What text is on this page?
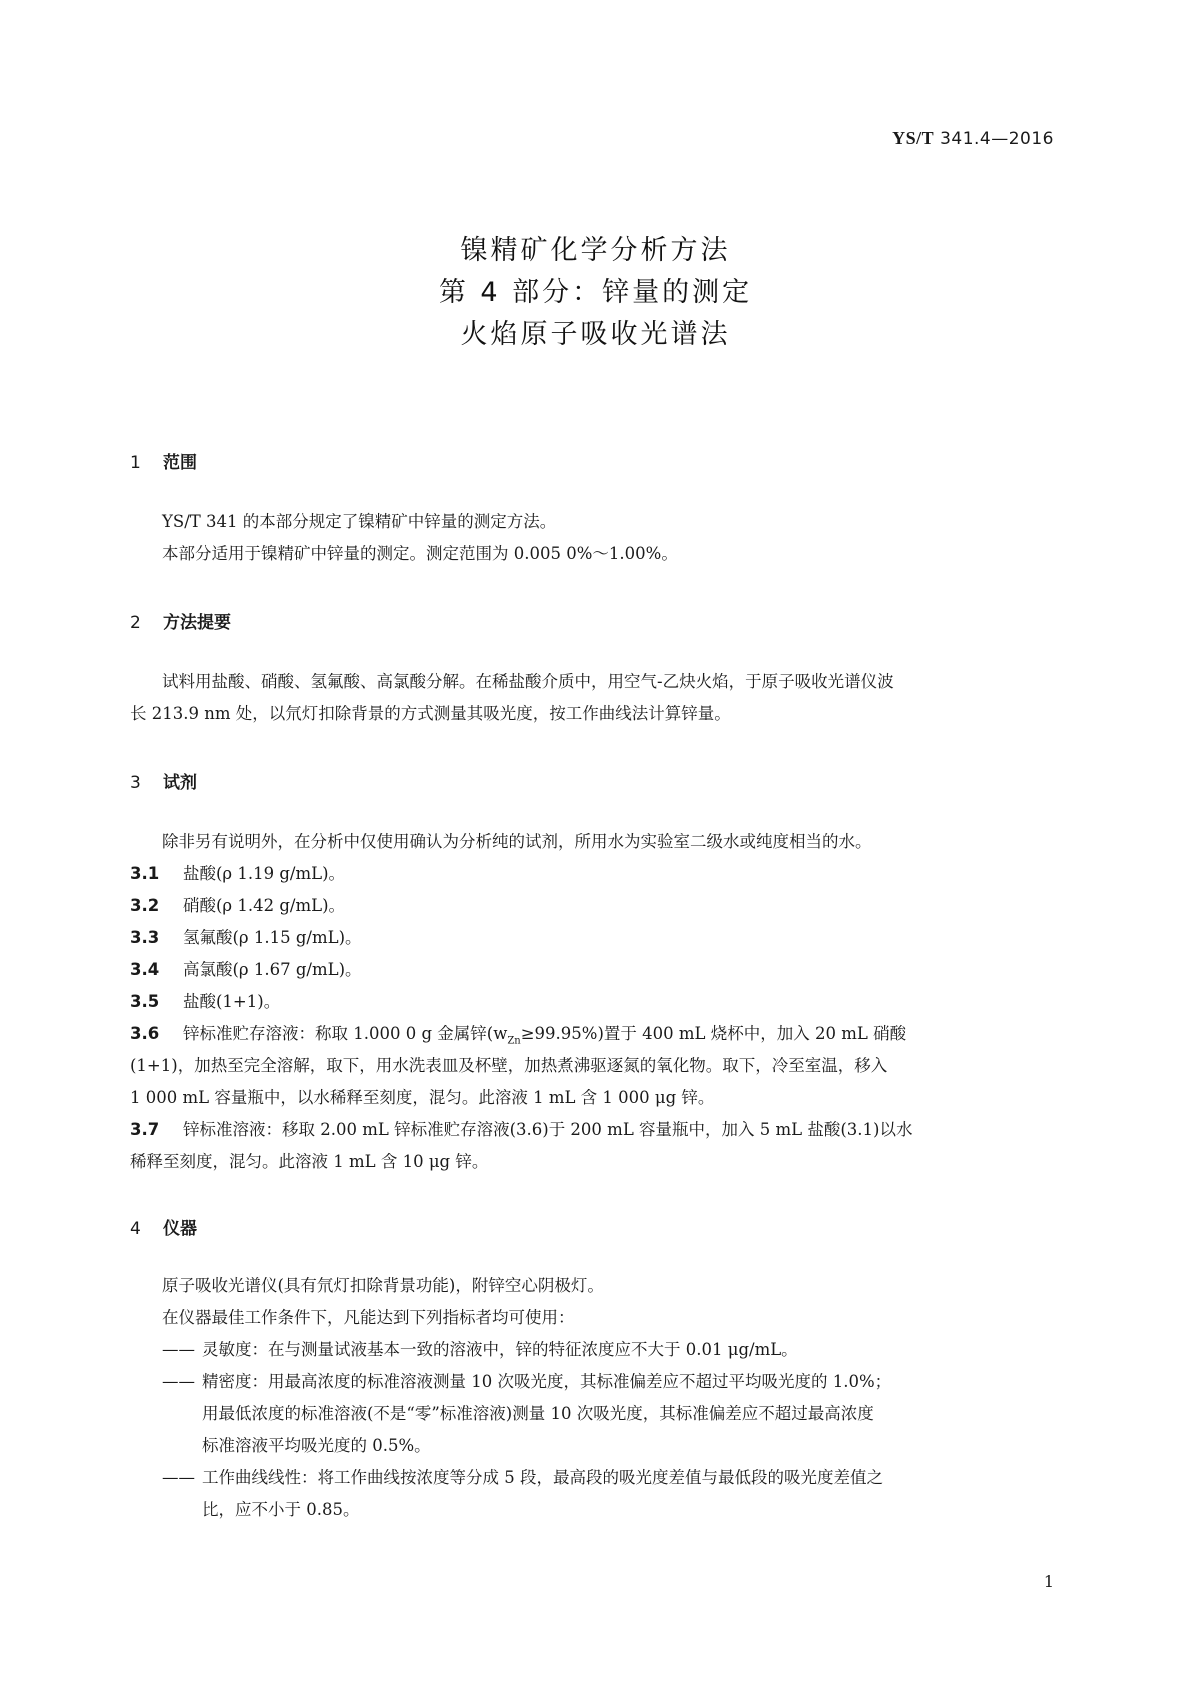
YS/T 341.4—2016
镍精矿化学分析方法
第 4 部分：锌量的测定
火焰原子吸收光谱法
1 范围
YS/T 341 的本部分规定了镍精矿中锌量的测定方法。
本部分适用于镍精矿中锌量的测定。测定范围为 0.005 0%～1.00%。
2 方法提要
试料用盐酸、硝酸、氢氟酸、高氯酸分解。在稀盐酸介质中，用空气-乙炔火焰，于原子吸收光谱仪波
长 213.9 nm 处，以氘灯扣除背景的方式测量其吸光度，按工作曲线法计算锌量。
3 试剂
除非另有说明外，在分析中仅使用确认为分析纯的试剂，所用水为实验室二级水或纯度相当的水。
3.1 盐酸(ρ 1.19 g/mL)。
3.2 硝酸(ρ 1.42 g/mL)。
3.3 氢氟酸(ρ 1.15 g/mL)。
3.4 高氯酸(ρ 1.67 g/mL)。
3.5 盐酸(1+1)。
3.6 锌标准贮存溶液：称取 1.000 0 g 金属锌$(w_{Zn}\ge 99.95\%)$置于 400 mL 烧杯中，加入 20 mL 硝酸
(1+1)，加热至完全溶解，取下，用水洗表皿及杯壁，加热煮沸驱逐氮的氧化物。取下，冷至室温，移入
1 000 mL 容量瓶中，以水稀释至刻度，混匀。此溶液 1 mL 含 1 000 μg 锌。
3.7 锌标准溶液：移取 2.00 mL 锌标准贮存溶液(3.6)于 200 mL 容量瓶中，加入 5 mL 盐酸(3.1)以水
稀释至刻度，混匀。此溶液 1 mL 含 10 μg 锌。
4 仪器
原子吸收光谱仪(具有氘灯扣除背景功能)，附锌空心阴极灯。
在仪器最佳工作条件下，凡能达到下列指标者均可使用：
—— 灵敏度：在与测量试液基本一致的溶液中，锌的特征浓度应不大于 0.01 μg/mL。
—— 精密度：用最高浓度的标准溶液测量 10 次吸光度，其标准偏差应不超过平均吸光度的 1.0%；
用最低浓度的标准溶液(不是“零”标准溶液)测量 10 次吸光度，其标准偏差应不超过最高浓度
标准溶液平均吸光度的 0.5%。
—— 工作曲线线性：将工作曲线按浓度等分成 5 段，最高段的吸光度差值与最低段的吸光度差值之
比，应不小于 0.85。
1
